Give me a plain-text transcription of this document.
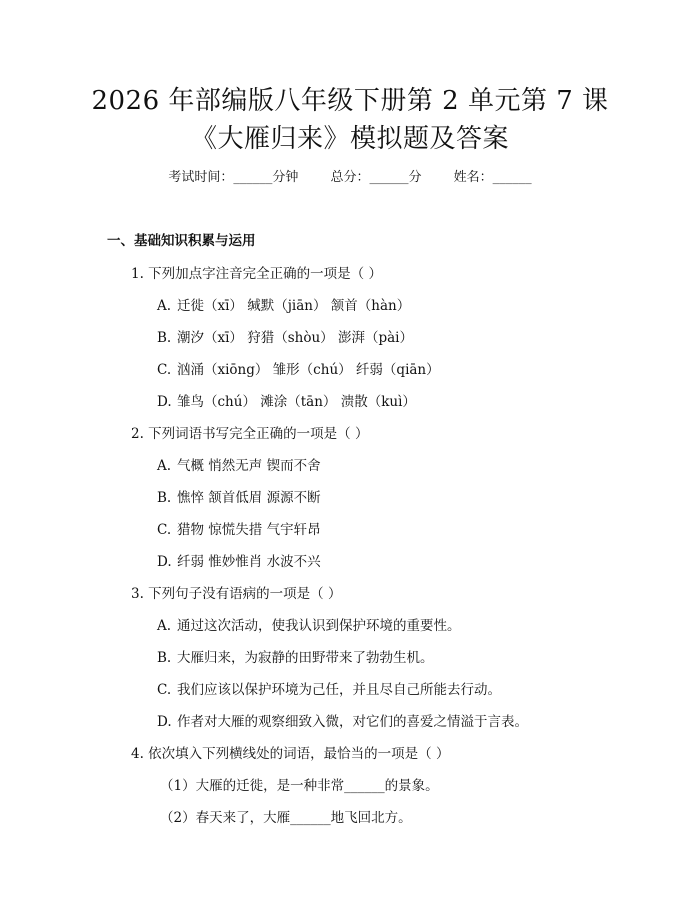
2026 年部编版八年级下册第 2 单元第 7 课
《大雁归来》模拟题及答案
考试时间：______分钟 总分：______分 姓名：______
一、基础知识积累与运用
1. 下列加点字注音完全正确的一项是（ ）
A. 迁徙（xī） 缄默（jiān） 颔首（hàn）
B. 潮汐（xī） 狩猎（shòu） 澎湃（pài）
C. 汹涌（xiōng） 雏形（chú） 纤弱（qiān）
D. 雏鸟（chú） 滩涂（tān） 溃散（kuì）
2. 下列词语书写完全正确的一项是（ ）
A. 气概 悄然无声 锲而不舍
B. 憔悴 颔首低眉 源源不断
C. 猎物 惊慌失措 气宇轩昂
D. 纤弱 惟妙惟肖 水波不兴
3. 下列句子没有语病的一项是（ ）
A. 通过这次活动，使我认识到保护环境的重要性。
B. 大雁归来，为寂静的田野带来了勃勃生机。
C. 我们应该以保护环境为己任，并且尽自己所能去行动。
D. 作者对大雁的观察细致入微，对它们的喜爱之情溢于言表。
4. 依次填入下列横线处的词语，最恰当的一项是（ ）
（1）大雁的迁徙，是一种非常______的景象。
（2）春天来了，大雁______地飞回北方。
